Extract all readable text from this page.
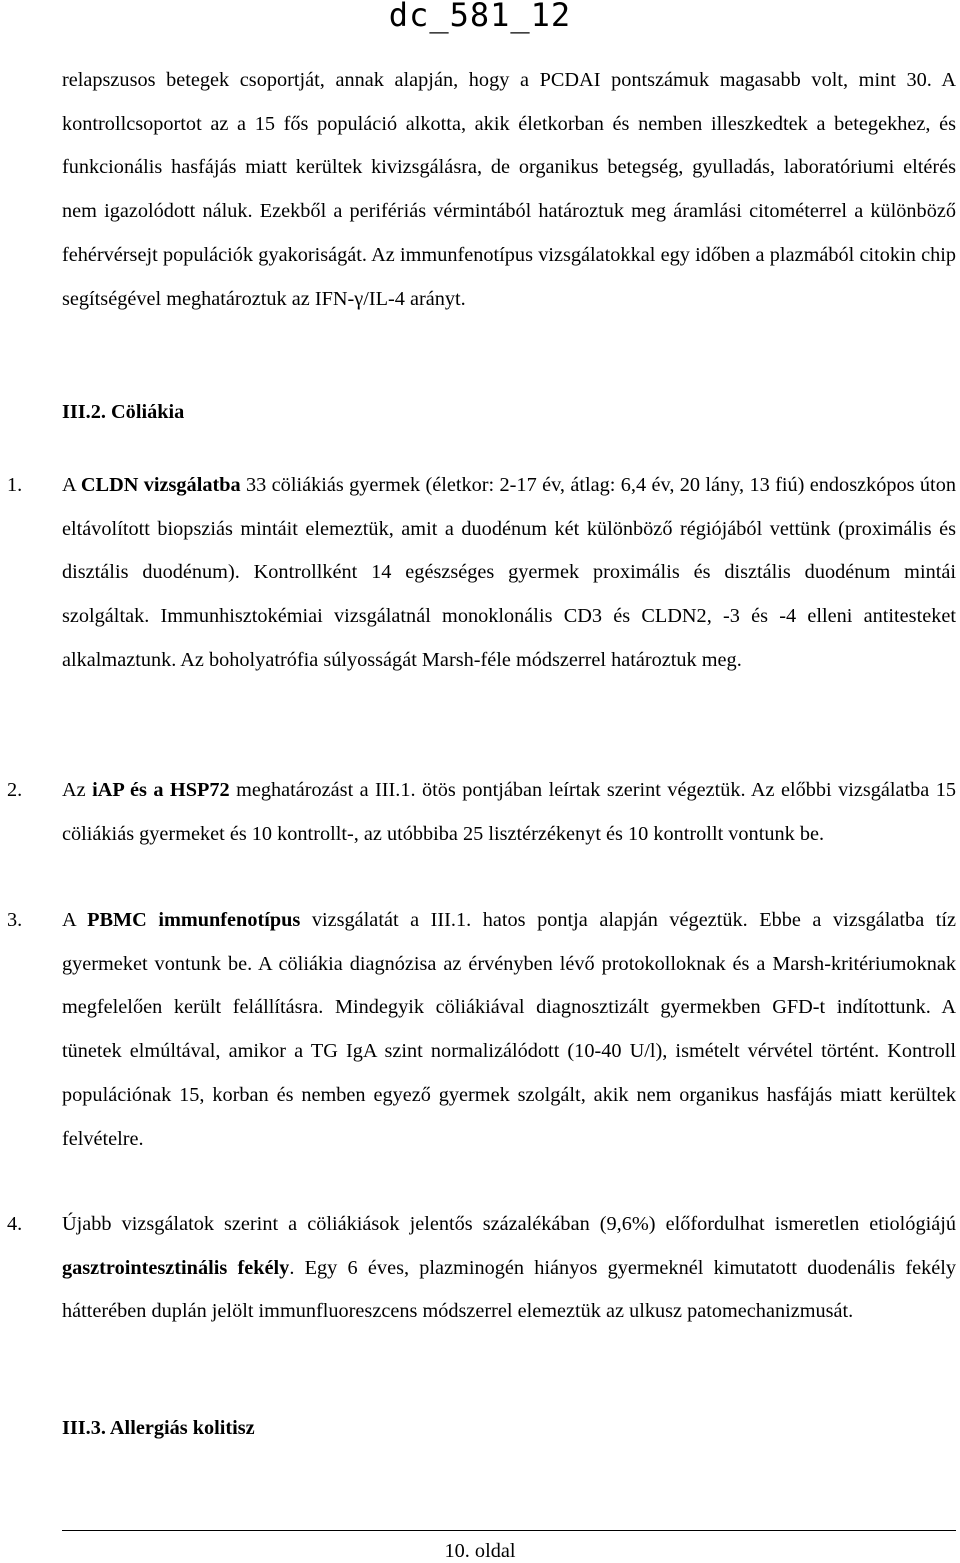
dc_581_12

relapszusos betegek csoportját, annak alapján, hogy a PCDAI pontszámuk magasabb volt, mint 30. A kontrollcsoportot az a 15 fős populáció alkotta, akik életkorban és nemben illeszkedtek a betegekhez, és funkcionális hasfájás miatt kerültek kivizsgálásra, de organikus betegség, gyulladás, laboratóriumi eltérés nem igazolódott náluk. Ezekből a perifériás vérmintából határoztuk meg áramlási citométerrel a különböző fehérvérsejt populációk gyakoriságát. Az immunfenotípus vizsgálatokkal egy időben a plazmából citokin chip segítségével meghatároztuk az IFN-γ/IL-4 arányt.

III.2. Cöliákia
1. A CLDN vizsgálatba 33 cöliákiás gyermek (életkor: 2-17 év, átlag: 6,4 év, 20 lány, 13 fiú) endoszkópos úton eltávolított biopsziás mintáit elemeztük, amit a duodénum két különböző régiójából vettünk (proximális és disztális duodénum). Kontrollként 14 egészséges gyermek proximális és disztális duodénum mintái szolgáltak. Immunhisztokémiai vizsgálatnál monoklonális CD3 és CLDN2, -3 és -4 elleni antitesteket alkalmaztunk. Az boholyatrófia súlyosságát Marsh-féle módszerrel határoztuk meg.
2. Az iAP és a HSP72 meghatározást a III.1. ötös pontjában leírtak szerint végeztük. Az előbbi vizsgálatba 15 cöliákiás gyermeket és 10 kontrollt-, az utóbbiba 25 lisztérzékenyt és 10 kontrollt vontunk be.
3. A PBMC immunfenotípus vizsgálatát a III.1. hatos pontja alapján végeztük. Ebbe a vizsgálatba tíz gyermeket vontunk be. A cöliákia diagnózisa az érvényben lévő protokolloknak és a Marsh-kritériumoknak megfelelően került felállításra. Mindegyik cöliákiával diagnosztizált gyermekben GFD-t indítottunk. A tünetek elmúltával, amikor a TG IgA szint normalizálódott (10-40 U/l), ismételt vérvétel történt. Kontroll populációnak 15, korban és nemben egyező gyermek szolgált, akik nem organikus hasfájás miatt kerültek felvételre.
4. Újabb vizsgálatok szerint a cöliákiások jelentős százalékában (9,6%) előfordulhat ismeretlen etiológiájú gasztrointesztinális fekély. Egy 6 éves, plazminogén hiányos gyermeknél kimutatott duodenális fekély hátterében duplán jelölt immunfluoreszcens módszerrel elemeztük az ulkusz patomechanizmusát.
III.3. Allergiás kolitisz
10. oldal
